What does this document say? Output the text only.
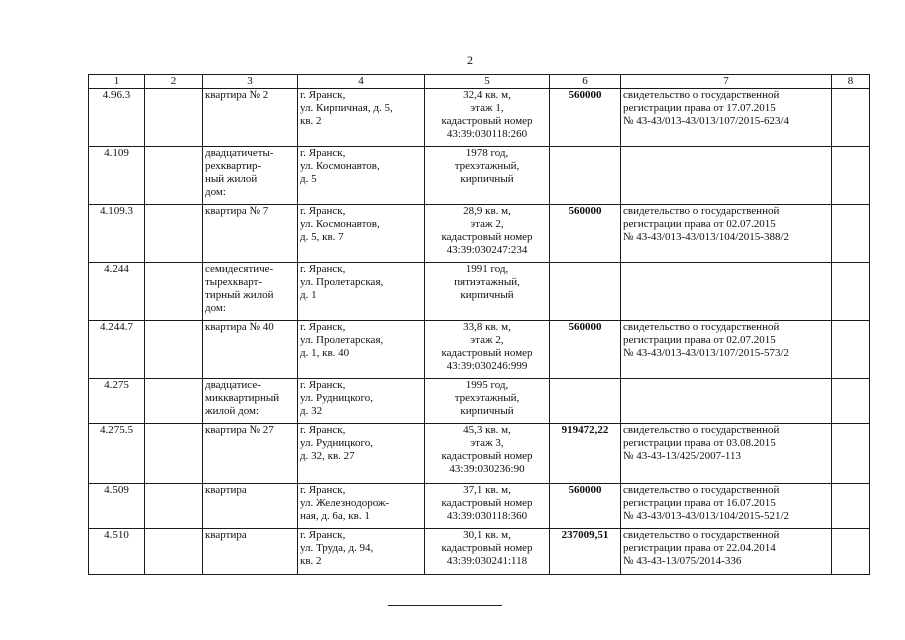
2
1	2	3	4	5	6	7	8
4.96.3		квартира № 2	г. Яранск,
ул. Кирпичная, д. 5,
кв. 2	32,4 кв. м,
этаж 1,
кадастровый номер
43:39:030118:260	560000	свидетельство о государственной
регистрации права от 17.07.2015
№ 43-43/013-43/013/107/2015-623/4	

4.109		двадцатичеты-
рехквартир-
ный жилой
дом:	г. Яранск,
ул. Космонавтов,
д. 5	1978 год,
трехэтажный,
кирпичный			

4.109.3		квартира № 7	г. Яранск,
ул. Космонавтов,
д. 5, кв. 7	28,9 кв. м,
этаж 2,
кадастровый номер
43:39:030247:234	560000	свидетельство о государственной
регистрации права от 02.07.2015
№ 43-43/013-43/013/104/2015-388/2	

4.244		семидесятиче-
тырехкварт-
тирный жилой
дом:	г. Яранск,
ул. Пролетарская,
д. 1	1991 год,
пятиэтажный,
кирпичный			

4.244.7		квартира № 40	г. Яранск,
ул. Пролетарская,
д. 1, кв. 40	33,8 кв. м,
этаж 2,
кадастровый номер
43:39:030246:999	560000	свидетельство о государственной
регистрации права от 02.07.2015
№ 43-43/013-43/013/107/2015-573/2	

4.275		двадцатисе-
микквартирный
жилой дом:	г. Яранск,
ул. Рудницкого,
д. 32	1995 год,
трехэтажный,
кирпичный			

4.275.5		квартира № 27	г. Яранск,
ул. Рудницкого,
д. 32, кв. 27	45,3 кв. м,
этаж 3,
кадастровый номер
43:39:030236:90	919472,22	свидетельство о государственной
регистрации права от 03.08.2015
№ 43-43-13/425/2007-113	

4.509		квартира	г. Яранск,
ул. Железнодорож-
ная, д. 6а, кв. 1	37,1 кв. м,
кадастровый номер
43:39:030118:360	560000	свидетельство о государственной
регистрации права от 16.07.2015
№ 43-43/013-43/013/104/2015-521/2	

4.510		квартира	г. Яранск,
ул. Труда, д. 94,
кв. 2	30,1 кв. м,
кадастровый номер
43:39:030241:118	237009,51	свидетельство о государственной
регистрации права от 22.04.2014
№ 43-43-13/075/2014-336	
